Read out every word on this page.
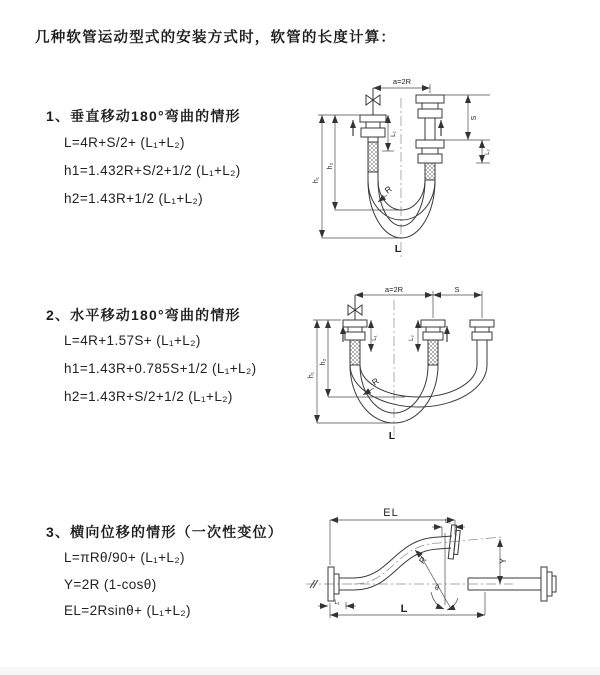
几种软管运动型式的安装方式时，软管的长度计算：
1、垂直移动180°弯曲的情形
L=4R+S/2+ (L₁+L₂)
h1=1.432R+S/2+1/2 (L₁+L₂)
h2=1.43R+1/2 (L₁+L₂)
2、水平移动180°弯曲的情形
L=4R+1.57S+ (L₁+L₂)
h1=1.43R+0.785S+1/2 (L₁+L₂)
h2=1.43R+S/2+1/2 (L₁+L₂)
3、横向位移的情形（一次性变位）
L=πRθ/90+ (L₁+L₂)
Y=2R (1-cosθ)
EL=2Rsinθ+ (L₁+L₂)
a=2R
h₁
h₂
L₁
S
L₂
R
L
a=2R	S
h₁
h₂
L₁	L₂
R
L
EL
L₂
Y
θ
R
L₁	L
